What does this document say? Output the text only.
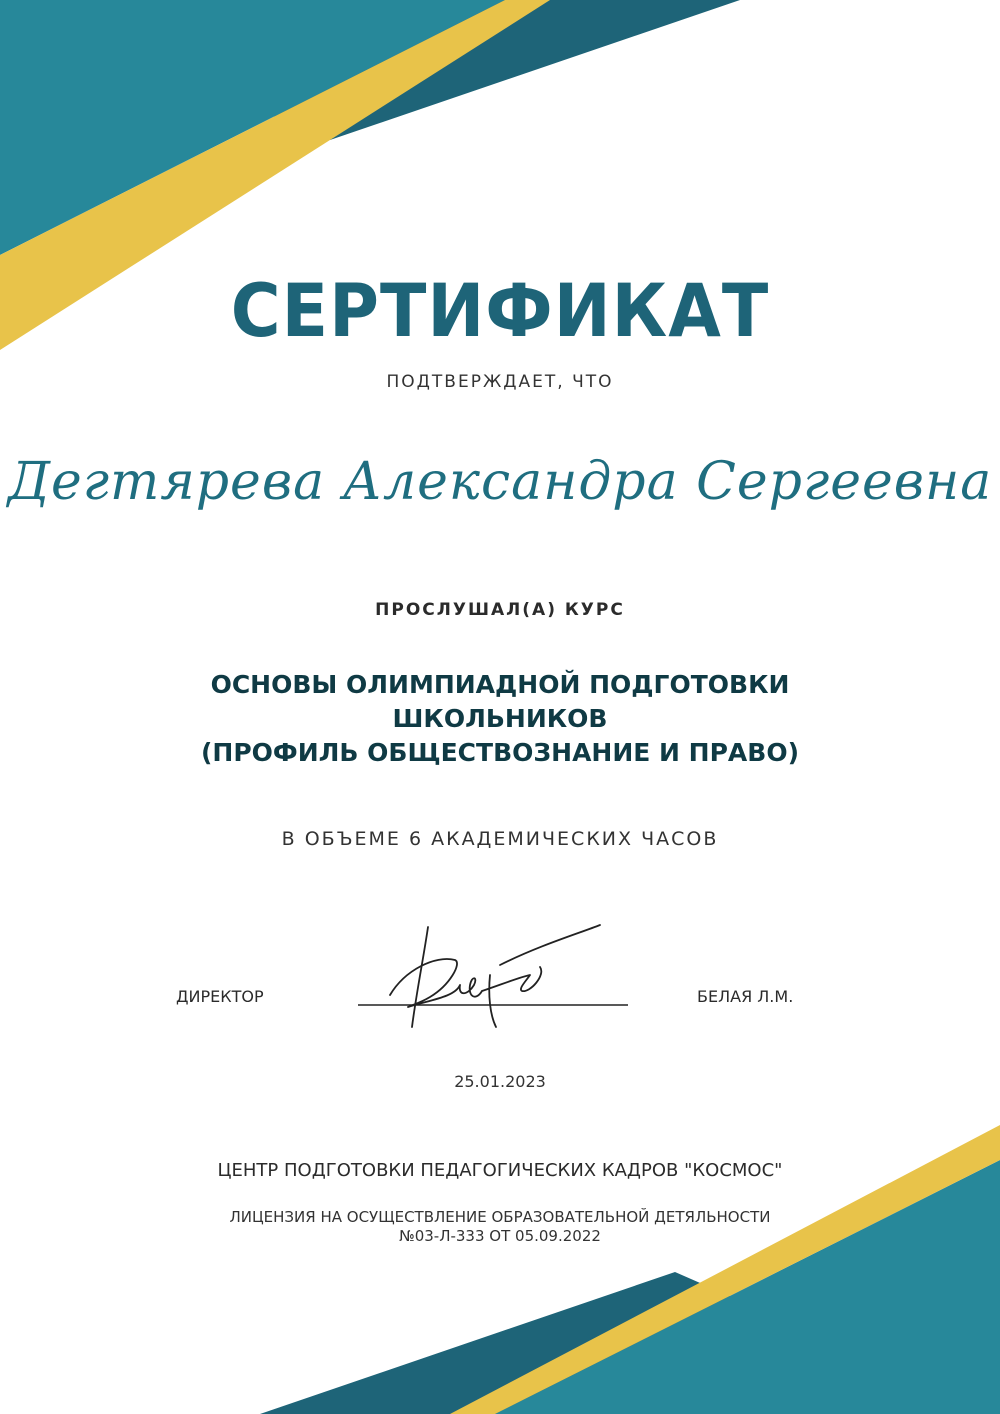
СЕРТИФИКАТ
ПОДТВЕРЖДАЕТ, ЧТО
Дегтярева Александра Сергеевна
ПРОСЛУШАЛ(А) КУРС
ОСНОВЫ ОЛИМПИАДНОЙ ПОДГОТОВКИ
ШКОЛЬНИКОВ
(ПРОФИЛЬ ОБЩЕСТВОЗНАНИЕ И ПРАВО)
В ОБЪЕМЕ 6 АКАДЕМИЧЕСКИХ ЧАСОВ
ДИРЕКТОР	БЕЛАЯ Л.М.
25.01.2023
ЦЕНТР ПОДГОТОВКИ ПЕДАГОГИЧЕСКИХ КАДРОВ "КОСМОС"
ЛИЦЕНЗИЯ НА ОСУЩЕСТВЛЕНИЕ ОБРАЗОВАТЕЛЬНОЙ ДЕТЯЛЬНОСТИ
№03-Л-333 ОТ 05.09.2022
